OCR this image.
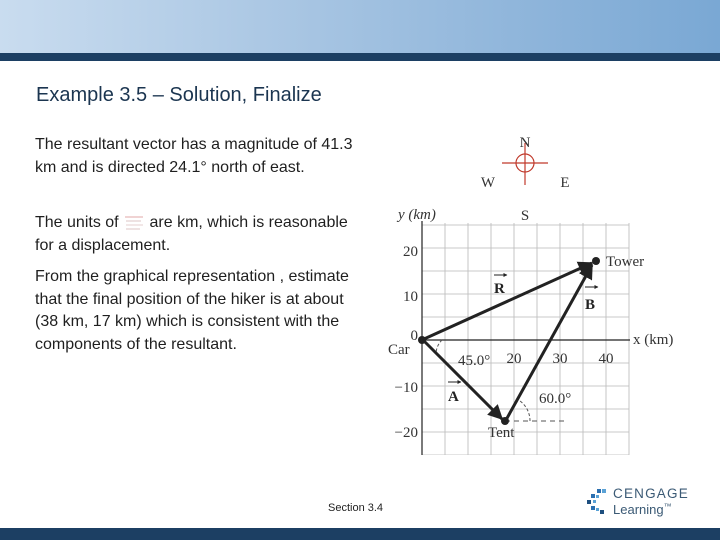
Example 3.5 – Solution, Finalize
The resultant vector has a magnitude of 41.3 km and is directed 24.1° north of east.
The units of  are km, which is reasonable for a displacement.
From the graphical representation , estimate that the final position of the hiker is at about (38 km, 17 km) which is consistent with the components of the resultant.
N
S
E
W
y (km)
x (km)
20
10
0
−10
−20
20 30 40
Car
Tent
Tower
R
B
A
45.0°
60.0°
Section 3.4
CENGAGE
Learning™
